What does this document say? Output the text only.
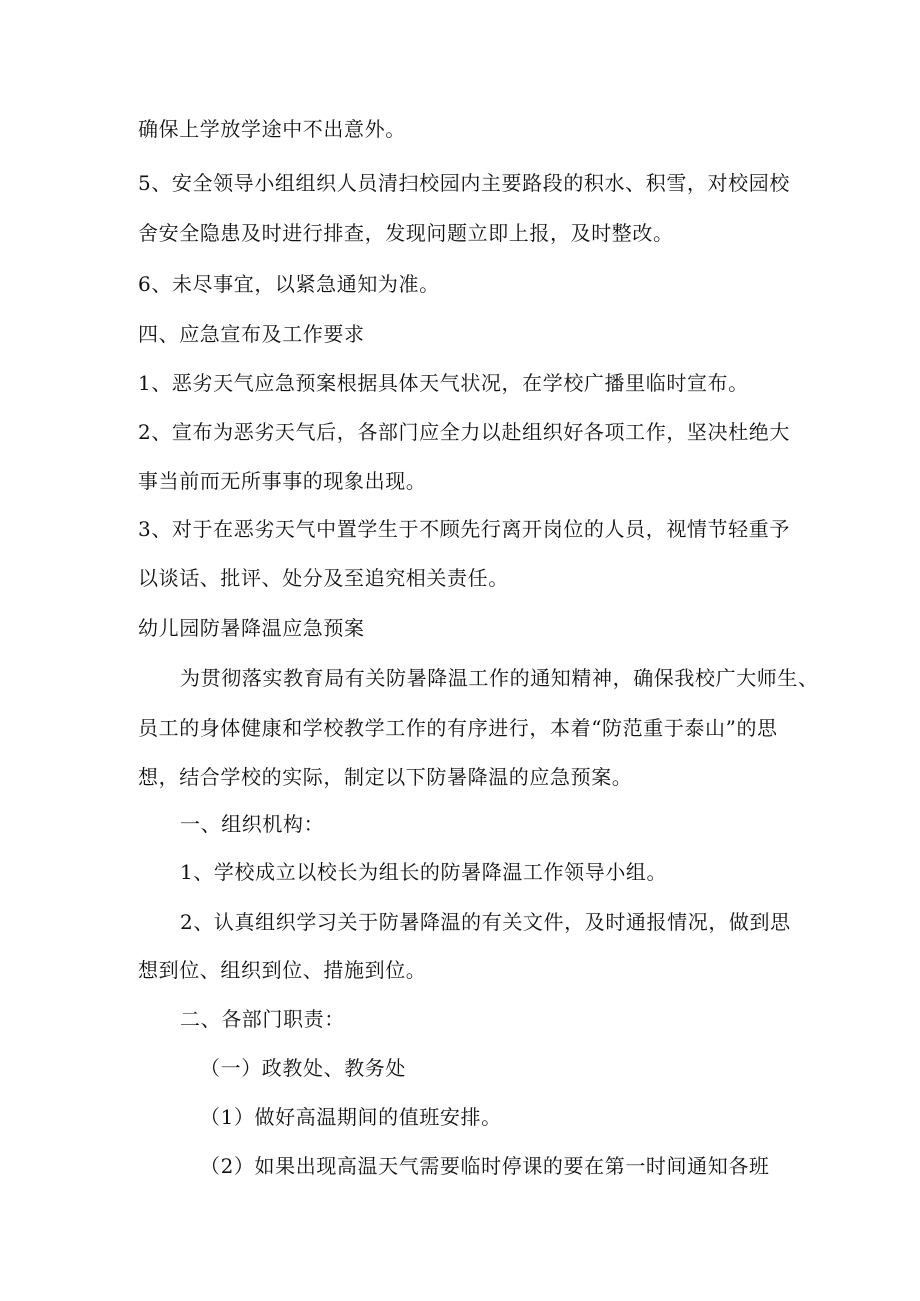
确保上学放学途中不出意外。
5、安全领导小组组织人员清扫校园内主要路段的积水、积雪，对校园校
舍安全隐患及时进行排查，发现问题立即上报，及时整改。
6、未尽事宜，以紧急通知为准。
四、应急宣布及工作要求
1、恶劣天气应急预案根据具体天气状况，在学校广播里临时宣布。
2、宣布为恶劣天气后，各部门应全力以赴组织好各项工作，坚决杜绝大
事当前而无所事事的现象出现。
3、对于在恶劣天气中置学生于不顾先行离开岗位的人员，视情节轻重予
以谈话、批评、处分及至追究相关责任。
幼儿园防暑降温应急预案
为贯彻落实教育局有关防暑降温工作的通知精神，确保我校广大师生、
员工的身体健康和学校教学工作的有序进行，本着“防范重于泰山”的思
想，结合学校的实际，制定以下防暑降温的应急预案。
一、组织机构：
1、学校成立以校长为组长的防暑降温工作领导小组。
2、认真组织学习关于防暑降温的有关文件，及时通报情况，做到思
想到位、组织到位、措施到位。
二、各部门职责：
（一）政教处、教务处
（1）做好高温期间的值班安排。
（2）如果出现高温天气需要临时停课的要在第一时间通知各班
